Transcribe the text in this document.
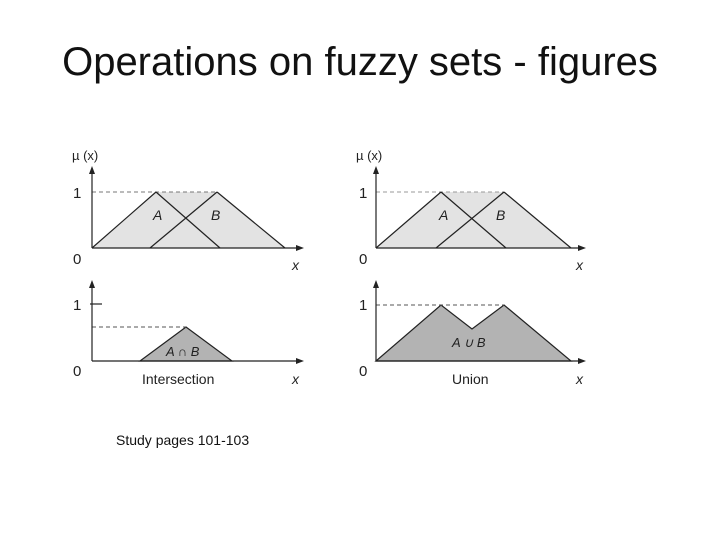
Operations on fuzzy sets - figures
µ (x)
1
0	x
A	B
µ (x)
1
0	x
A	B
1
0	x
A ∩ B
Intersection
1
0	x
A ∪ B
Union
Study pages 101-103
